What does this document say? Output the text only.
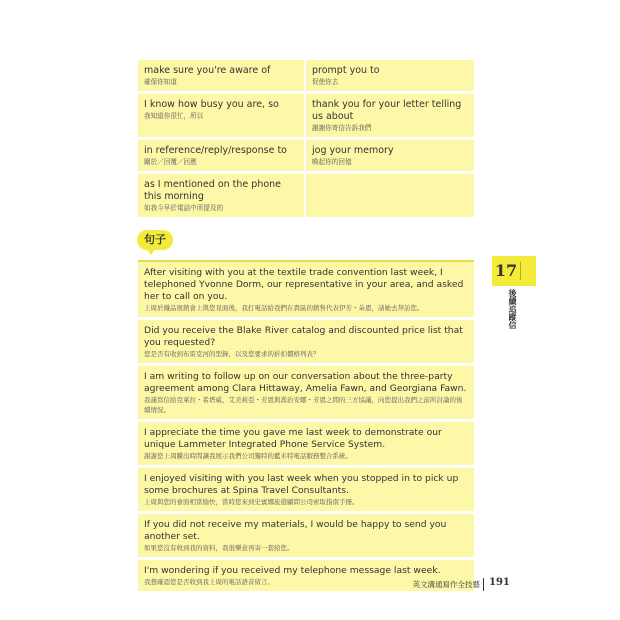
make sure you're aware of
確保你知道
prompt you to
促使你去
I know how busy you are, so
我知道你很忙，所以
thank you for your letter telling us about
謝謝你寄信告訴我們
in reference/reply/response to
關於／回覆／回應
jog your memory
喚起你的回憶
as I mentioned on the phone this morning
如我今早於電話中所提及的
句子
After visiting with you at the textile trade convention last week, I telephoned Yvonne Dorm, our representative in your area, and asked her to call on you.
上周於織品展銷會上與您見面後，我打電話給我們在貴區的銷售代表伊芳・朵恩，請她去拜訪您。
Did you receive the Blake River catalog and discounted price list that you requested?
您是否有收到布雷克河的型錄，以及您要求的折扣價格列表？
I am writing to follow up on our conversation about the three-party agreement among Clara Hittaway, Amelia Fawn, and Georgiana Fawn.
我謹寫信給克萊拉・希塔威、艾美莉亞・芳恩與喬治安娜・芳恩之間的三方協議，向您提出我們之前所討論的後續情況。
I appreciate the time you gave me last week to demonstrate our unique Lammeter Integrated Phone Service System.
謝謝您上周騰出時間讓我展示我們公司獨特的藍米特電話服務整合系統。
I enjoyed visiting with you last week when you stopped in to pick up some brochures at Spina Travel Consultants.
上周與您的會面相當愉快，當時您來到史賓娜旅遊顧問公司索取指南手冊。
If you did not receive my materials, I would be happy to send you another set.
如果您沒有收到我的資料，我很樂意再寄一套給您。
I'm wondering if you received my telephone message last week.
我想確認您是否收到我上周的電話語音留言。
17
後續追蹤信
英文溝通寫作全技藝 191
